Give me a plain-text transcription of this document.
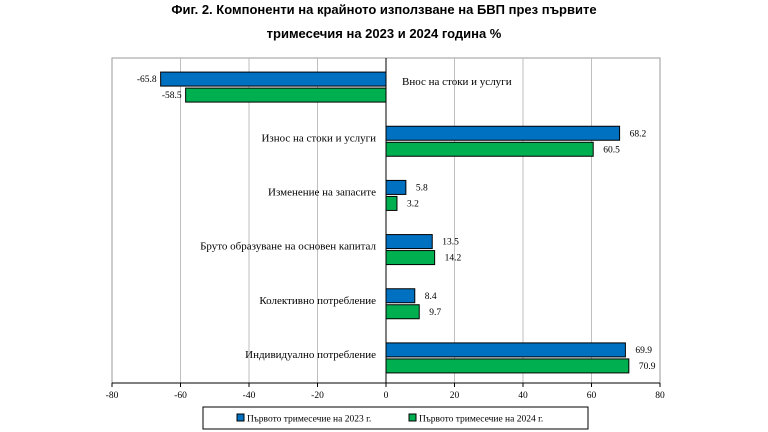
Фиг. 2. Компоненти на крайното използване на БВП през първите
тримесечия на 2023 и 2024 година %
-80	-60	-40	-20	0	20	40	60	80
-65.8
-58.5
Внос на стоки и услуги
68.2
60.5
Износ на стоки и услуги
5.8
3.2
Изменение на запасите
13.5
14.2
Бруто образуване на основен капитал
8.4
9.7
Колективно потребление
69.9
70.9
Индивидуално потребление
Първото тримесечие на 2023 г.	Първото тримесечие на 2024 г.
